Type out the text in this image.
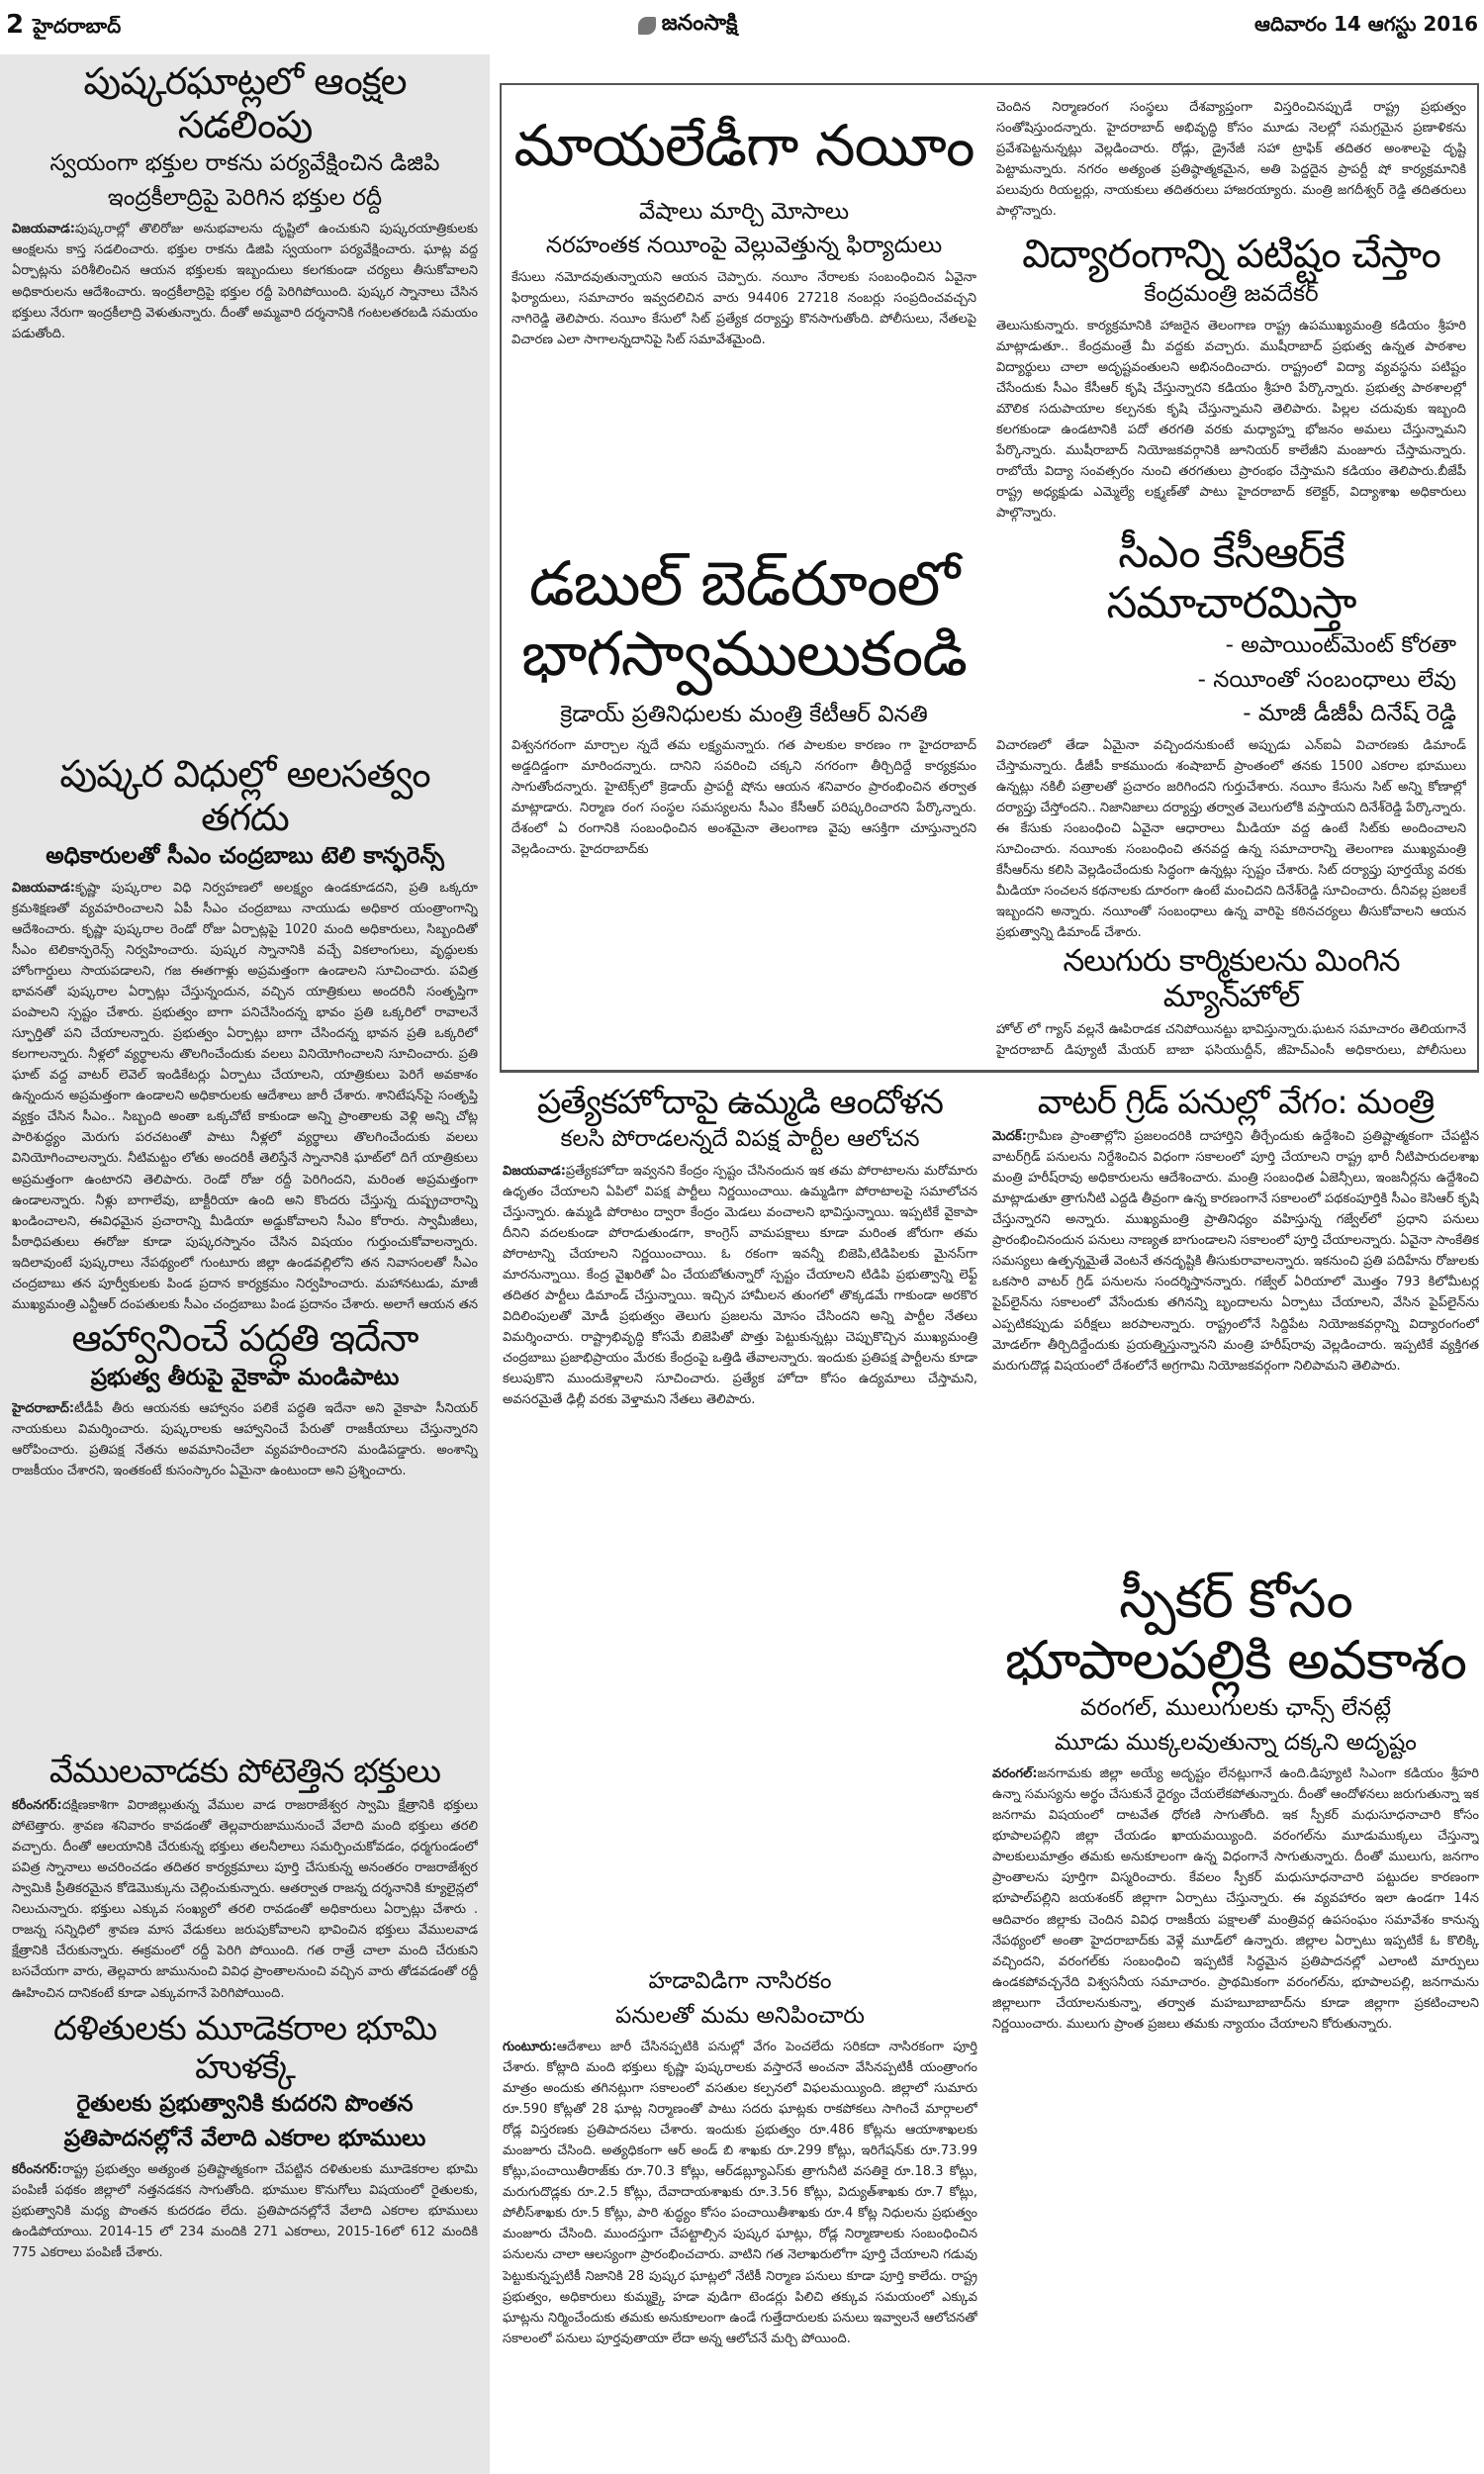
2 హైదరాబాద్	జనంసాక్షి	ఆదివారం 14 ఆగస్టు 2016
పుష్కరఘాట్లలో ఆంక్షల సడలింపు
స్వయంగా భక్తుల రాకను పర్యవేక్షించిన డిజిపి
ఇంద్రకీలాద్రిపై పెరిగిన భక్తుల రద్దీ

విజయవాడ:పుష్కరాల్లో తొలిరోజు అనుభవాలను దృష్టిలో ఉంచుకుని పుష్కరయాత్రికులకు ఆంక్షలను కాస్త సడలించారు. భక్తుల రాకను డిజిపి స్వయంగా పర్యవేక్షించారు. ఘాట్ల వద్ద ఏర్పాట్లను పరిశీలించిన ఆయన భక్తులకు ఇబ్బందులు కలగకుండా చర్యలు తీసుకోవాలని అధికారులను ఆదేశించారు. ఇంద్రకీలాద్రిపై భక్తుల రద్దీ పెరిగిపోయింది. పుష్కర స్నానాలు చేసిన భక్తులు నేరుగా ఇంద్రకీలాద్రి వెళుతున్నారు. దీంతో అమ్మవారి దర్శనానికి గంటలతరబడి సమయం పడుతోంది.

పుష్కర విధుల్లో అలసత్వం తగదు
అధికారులతో సీఎం చంద్రబాబు టెలి కాన్ఫరెన్స్

విజయవాడ:కృష్ణా పుష్కరాల విధి నిర్వహణలో అలక్ష్యం ఉండకూడదని, ప్రతి ఒక్కరూ క్రమశిక్షణతో వ్యవహరించాలని ఏపీ సీఎం చంద్రబాబు నాయుడు అధికార యంత్రాంగాన్ని ఆదేశించారు. కృష్ణా పుష్కరాల రెండో రోజు ఏర్పాట్లపై 1020 మంది అధికారులు, సిబ్బందితో సీఎం టెలికాన్ఫరెన్స్ నిర్వహించారు. పుష్కర స్నానానికి వచ్చే వికలాంగులు, వృద్ధులకు హోంగార్డులు సాయపడాలని, గజ ఈతగాళ్లు అప్రమత్తంగా ఉండాలని సూచించారు. పవిత్ర భావనతో పుష్కరాల ఏర్పాట్లు చేస్తున్నందున, వచ్చిన యాత్రికులు అందరినీ సంతృప్తిగా పంపాలని స్పష్టం చేశారు. ప్రభుత్వం బాగా పనిచేసిందన్న భావం ప్రతి ఒక్కరిలో రావాలనే స్ఫూర్తితో పని చేయాలన్నారు. ప్రభుత్వం ఏర్పాట్లు బాగా చేసిందన్న భావన ప్రతి ఒక్కరిలో కలగాలన్నారు. నీళ్లలో వ్యర్థాలను తొలగించేందుకు వలలు వినియోగించాలని సూచించారు. ప్రతి ఘాట్ వద్ద వాటర్ లెవెల్ ఇండికేటర్లు ఏర్పాటు చేయాలని, యాత్రికులు పెరిగే అవకాశం ఉన్నందున అప్రమత్తంగా ఉండాలని అధికారులకు ఆదేశాలు జారీ చేశారు. శానిటేషన్‌పై సంతృప్తి వ్యక్తం చేసిన సీఎం.. సిబ్బంది అంతా ఒక్కచోటే కాకుండా అన్ని ప్రాంతాలకు వెళ్లి అన్ని చోట్ల పారిశుద్ధ్యం మెరుగు పరచటంతో పాటు నీళ్లలో వ్యర్థాలు తొలగించేందుకు వలలు వినియోగించాలన్నారు. నీటిమట్టం లోతు అందరికీ తెలిస్తేనే స్నానానికి ఘాట్‌లో దిగే యాత్రికులు అప్రమత్తంగా ఉంటారని తెలిపారు. రెండో రోజు రద్దీ పెరిగిందని, మరింత అప్రమత్తంగా ఉండాలన్నారు. నీళ్లు బాగాలేవు, బాక్టీరియా ఉంది అని కొందరు చేస్తున్న దుష్ప్రచారాన్ని ఖండించాలని, ఈవిధమైన ప్రచారాన్ని మీడియా అడ్డుకోవాలని సీఎం కోరారు. స్వామీజీలు, పీఠాధిపతులు ఈరోజు కూడా పుష్కరస్నానం చేసిన విషయం గుర్తుంచుకోవాలన్నారు. ఇదిలావుంటే పుష్కరాలు నేపథ్యంలో గుంటూరు జిల్లా ఉండవల్లిలోని తన నివాసంలతో సీఎం చంద్రబాబు తన పూర్వీకులకు పిండ ప్రదాన కార్యక్రమం నిర్వహించారు. మహానటుడు, మాజీ ముఖ్యమంత్రి ఎన్టీఆర్ దంపతులకు సీఎం చంద్రబాబు పిండ ప్రదానం చేశారు. అలాగే ఆయన తన

ఆహ్వానించే పద్ధతి ఇదేనా
ప్రభుత్వ తీరుపై వైకాపా మండిపాటు

హైదరాబాద్:టీడీపీ తీరు ఆయనకు ఆహ్వానం పలికే పద్ధతి ఇదేనా అని వైకాపా సీనియర్ నాయకులు విమర్శించారు. పుష్కరాలకు ఆహ్వానించే పేరుతో రాజకీయాలు చేస్తున్నారని ఆరోపించారు. ప్రతిపక్ష నేతను అవమానించేలా వ్యవహరించారని మండిపడ్డారు. అంశాన్ని రాజకీయం చేశారని, ఇంతకంటే కుసంస్కారం ఏమైనా ఉంటుందా అని ప్రశ్నించారు.

వేములవాడకు పోటెత్తిన భక్తులు

కరీంనగర్:దక్షిణకాశిగా విరాజిల్లుతున్న వేముల వాడ రాజరాజేశ్వర స్వామి క్షేత్రానికి భక్తులు పోటెత్తారు. శ్రావణ శనివారం కావడంతో తెల్లవారుజామునుంచే వేలాది మంది భక్తులు తరలి వచ్చారు. దీంతో ఆలయానికి చేరుకున్న భక్తులు తలనీలాలు సమర్పించుకోవడం, ధర్మగుండంలో పవిత్ర స్నానాలు అచరించడం తదితర కార్యక్రమాలు పూర్తి చేసుకున్న అనంతరం రాజరాజేశ్వర స్వామికి ప్రీతికరమైన కోడెమొక్కును చెల్లించుకున్నారు. ఆతర్వాత రాజన్న దర్శనానికి క్యూలైన్లలో నిలుచున్నారు. భక్తులు ఎక్కువ సంఖ్యలో తరలి రావడంతో అధికారులు ఏర్పాట్లు చేశారు . రాజన్న సన్నిధిలో శ్రావణ మాస వేడుకలు జరుపుకోవాలని భావించిన భక్తులు వేములవాడ క్షేత్రానికి చేరుకున్నారు. ఈక్రమంలో రద్దీ పెరిగి పోయింది. గత రాత్రే చాలా మంది చేరుకుని బసచేయగా వారు, తెల్లవారు జామునుంచి వివిధ ప్రాంతాలనుంచి వచ్చిన వారు తోడవడంతో రద్దీ ఊహించిన దానికంటే కూడా ఎక్కువగానే పెరిగిపోయింది.

దళితులకు మూడెకరాల భూమి హుళక్కే
రైతులకు ప్రభుత్వానికి కుదరని పొంతన
ప్రతిపాదనల్లోనే వేలాది ఎకరాల భూములు

కరీంనగర్:రాష్ట్ర ప్రభుత్వం అత్యంత ప్రతిష్టాత్మకంగా చేపట్టిన దళితులకు మూడెకరాల భూమి పంపిణీ పథకం జిల్లాలో నత్తనడకన సాగుతోంది. భూముల కొనుగోలు విషయంలో రైతులకు, ప్రభుత్వానికి మధ్య పొంతన కుదరడం లేదు. ప్రతిపాదనల్లోనే వేలాది ఎకరాల భూములు ఉండిపోయాయి. 2014-15 లో 234 మందికి 271 ఎకరాలు, 2015-16లో 612 మందికి 775 ఎకరాలు పంపిణీ చేశారు.

మాయలేడీగా నయీం
వేషాలు మార్చి మోసాలు
నరహంతక నయీంపై వెల్లువెత్తున్న ఫిర్యాదులు

కేసులు నమోదవుతున్నాయని ఆయన చెప్పారు. నయీం నేరాలకు సంబంధించిన ఏవైనా ఫిర్యాదులు, సమాచారం ఇవ్వదలిచిన వారు 94406 27218 నంబర్లు సంప్రదించవచ్చని నాగిరెడ్డి తెలిపారు. నయీం కేసులో సిట్ ప్రత్యేక దర్యాప్తు కొనసాగుతోంది. పోలీసులు, నేతలపై విచారణ ఎలా సాగాలన్నదానిపై సిట్ సమావేశమైంది.

డబుల్ బెడ్‌రూంలో భాగస్వాములుకండి
క్రెడాయ్ ప్రతినిధులకు మంత్రి కేటీఆర్ వినతి

విశ్వనగరంగా మార్చాల న్నదే తమ లక్ష్యమన్నారు. గత పాలకుల కారణం గా హైదరాబాద్ అడ్డదిడ్డంగా మారిందన్నారు. దానిని సవరించి చక్కని నగరంగా తీర్చిదిద్దే కార్యక్రమం సాగుతోందన్నారు. హైటెక్స్‌లో క్రెడాయ్ ప్రాపర్టీ షోను ఆయన శనివారం ప్రారంభించిన తర్వాత మాట్లాడారు. నిర్మాణ రంగ సంస్థల సమస్యలను సీఎం కేసీఆర్ పరిష్కరించారని పేర్కొన్నారు. దేశంలో ఏ రంగానికి సంబంధించిన అంశమైనా తెలంగాణ వైపు ఆసక్తిగా చూస్తున్నారని వెల్లడించారు. హైదరాబాద్‌కు

చెందిన నిర్మాణరంగ సంస్థలు దేశవ్యాప్తంగా విస్తరించినప్పుడే రాష్ట్ర ప్రభుత్వం సంతోషిస్తుందన్నారు. హైదరాబాద్ అభివృద్ధి కోసం మూడు నెలల్లో సమగ్రమైన ప్రణాళికను ప్రవేశపెట్టనున్నట్లు వెల్లడించారు. రోడ్లు, డ్రైనేజీ సహా ట్రాఫిక్ తదితర అంశాలపై దృష్టి పెట్టామన్నారు. నగరం అత్యంత ప్రతిష్ఠాత్మకమైన, అతి పెద్దదైన ప్రాపర్టీ షో కార్యక్రమానికి పలువురు రియల్టర్లు, నాయకులు తదితరులు హాజరయ్యారు. మంత్రి జగదీశ్వర్ రెడ్డి తదితరులు పాల్గొన్నారు.

విద్యారంగాన్ని పటిష్టం చేస్తాం
కేంద్రమంత్రి జవదేకర్

తెలుసుకున్నారు. కార్యక్రమానికి హాజరైన తెలంగాణ రాష్ట్ర ఉపముఖ్యమంత్రి కడియం శ్రీహరి మాట్లాడుతూ.. కేంద్రమంత్రే మీ వద్దకు వచ్చారు. ముషీరాబాద్ ప్రభుత్వ ఉన్నత పాఠశాల విద్యార్థులు చాలా అదృష్టవంతులని అభినందించారు. రాష్ట్రంలో విద్యా వ్యవస్థను పటిష్టం చేసేందుకు సీఎం కేసీఆర్ కృషి చేస్తున్నారని కడియం శ్రీహరి పేర్కొన్నారు. ప్రభుత్వ పాఠశాలల్లో మౌలిక సదుపాయాల కల్పనకు కృషి చేస్తున్నామని తెలిపారు. పిల్లల చదువుకు ఇబ్బంది కలగకుండా ఉండటానికి పదో తరగతి వరకు మధ్యాహ్న భోజనం అమలు చేస్తున్నామని పేర్కొన్నారు. ముషీరాబాద్ నియోజకవర్గానికి జూనియర్ కాలేజీని మంజూరు చేస్తామన్నారు. రాబోయే విద్యా సంవత్సరం నుంచి తరగతులు ప్రారంభం చేస్తామని కడియం తెలిపారు.బీజేపీ రాష్ట్ర అధ్యక్షుడు ఎమ్మెల్యే లక్ష్మణ్‌తో పాటు హైదరాబాద్ కలెక్టర్, విద్యాశాఖ అధికారులు పాల్గొన్నారు.

సీఎం కేసీఆర్‌కే సమాచారమిస్తా
- అపాయింట్‌మెంట్ కోరతా
- నయీంతో సంబంధాలు లేవు
- మాజీ డీజీపీ దినేష్ రెడ్డి

విచారణలో తేడా ఏమైనా వచ్చిందనుకుంటే అప్పుడు ఎన్‌ఐఏ విచారణకు డిమాండ్ చేస్తామన్నారు. డీజీపీ కాకముందు శంషాబాద్ ప్రాంతంలో తనకు 1500 ఎకరాల భూములు ఉన్నట్లు నకిలీ పత్రాలతో ప్రచారం జరిగిందని గుర్తుచేశారు. నయీం కేసును సిట్ అన్ని కోణాల్లో దర్యాప్తు చేస్తోందని.. నిజానిజాలు దర్యాప్తు తర్వాత వెలుగులోకి వస్తాయని దినేశ్‌రెడ్డి పేర్కొన్నారు. ఈ కేసుకు సంబంధించి ఏవైనా ఆధారాలు మీడియా వద్ద ఉంటే సిట్‌కు అందించాలని సూచించారు. నయీంకు సంబంధించి తనవద్ద ఉన్న సమాచారాన్ని తెలంగాణ ముఖ్యమంత్రి కేసీఆర్‌ను కలిసి వెల్లడించేందుకు సిద్ధంగా ఉన్నట్లు స్పష్టం చేశారు. సిట్ దర్యాప్తు పూర్తయ్యే వరకు మీడియా సంచలన కథనాలకు దూరంగా ఉంటే మంచిదని దినేశ్‌రెడ్డి సూచించారు. దీనివల్ల ప్రజలకే ఇబ్బందని అన్నారు. నయీంతో సంబంధాలు ఉన్న వారిపై కఠినచర్యలు తీసుకోవాలని ఆయన ప్రభుత్వాన్ని డిమాండ్ చేశారు.

నలుగురు కార్మికులను మింగిన మ్యాన్‌హోల్

హోల్ లో గ్యాస్ వల్లనే ఊపిరాడక చనిపోయినట్టు భావిస్తున్నారు.ఘటన సమాచారం తెలియగానే హైదరాబాద్ డిప్యూటీ మేయర్ బాబా ఫసియుద్దీన్, జీహెచ్‌ఎంసీ అధికారులు, పోలీసులు

ప్రత్యేకహోదాపై ఉమ్మడి ఆందోళన
కలసి పోరాడలన్నదే విపక్ష పార్టీల ఆలోచన

విజయవాడ:ప్రత్యేకహోదా ఇవ్వనని కేంద్రం స్పష్టం చేసినందున ఇక తమ పోరాటాలను మరోమారు ఉధృతం చేయాలని ఏపిలో విపక్ష పార్టీలు నిర్ణయించాయి. ఉమ్మడిగా పోరాటాలపై సమాలోచన చేస్తున్నారు. ఉమ్మడి పోరాటం ద్వారా కేంద్రం మెడలు వంచాలని భావిస్తున్నాయి. ఇప్పటికే వైకాపా దీనిని వదలకుండా పోరాడుతుండగా, కాంగ్రెస్ వామపక్షాలు కూడా మరింత జోరుగా తమ పోరాటాన్ని చేయాలని నిర్ణయించాయి. ఓ రకంగా ఇవన్నీ బిజెపి,టిడిపిలకు మైనస్‌గా మారనున్నాయి. కేంద్ర వైఖరితో ఏం చేయబోతున్నారో స్పష్టం చేయాలని టిడిపి ప్రభుత్వాన్ని లెఫ్ట్ తదితర పార్టీలు డిమాండ్ చేస్తున్నాయి. ఇచ్చిన హామీలన తుంగలో తొక్కడమే గాకుండా అరకొర విదిలింపులతో మోడీ ప్రభుత్వం తెలుగు ప్రజలను మోసం చేసిందని అన్ని పార్టీల నేతలు విమర్శించారు. రాష్ట్రాభివృద్ధి కోసమే బిజెపితో పొత్తు పెట్టుకున్నట్లు చెప్పుకొచ్చిన ముఖ్యమంత్రి చంద్రబాబు ప్రజాభిప్రాయం మేరకు కేంద్రంపై ఒత్తిడి తేవాలన్నారు. ఇందుకు ప్రతిపక్ష పార్టీలను కూడా కలుపుకొని ముందుకెళ్లాలని సూచించారు. ప్రత్యేక హోదా కోసం ఉద్యమాలు చేస్తామని, అవసరమైతే ఢిల్లీ వరకు వెళ్తామని నేతలు తెలిపారు.

హడావిడిగా నాసిరకం
పనులతో మమ అనిపించారు

గుంటూరు:ఆదేశాలు జారీ చేసినప్పటికి పనుల్లో వేగం పెంచలేదు సరికదా నాసిరకంగా పూర్తి చేశారు. కోట్లాది మంది భక్తులు కృష్ణా పుష్కరాలకు వస్తారనే అంచనా వేసినప్పటికీ యంత్రాంగం మాత్రం అందుకు తగినట్లుగా సకాలంలో వసతుల కల్పనలో విఫలమయ్యింది. జిల్లాలో సుమారు రూ.590 కోట్లతో 28 ఘాట్ల నిర్మాణంతో పాటు సదరు ఘాట్లకు రాకపోకలు సాగించే మార్గాలలో రోడ్ల విస్తరణకు ప్రతిపాదనలు చేశారు. ఇందుకు ప్రభుత్వం రూ.486 కోట్లను ఆయాశాఖలకు మంజూరు చేసింది. అత్యధికంగా ఆర్ అండ్ బి శాఖకు రూ.299 కోట్లు, ఇరిగేషన్‌కు రూ.73.99 కోట్లు,పంచాయితీరాజ్‌కు రూ.70.3 కోట్లు, ఆర్‌డబ్ల్యూఎస్‌కు త్రాగునీటి వసతికై రూ.18.3 కోట్లు, మరుగుదొడ్లకు రూ.2.5 కోట్లు, దేవాదాయశాఖకు రూ.3.56 కోట్లు, విద్యుత్‌శాఖకు రూ.7 కోట్లు, పోలీస్‌శాఖకు రూ.5 కోట్లు, పారి శుద్ధ్యం కోసం పంచాయితీశాఖకు రూ.4 కోట్ల నిధులను ప్రభుత్వం మంజూరు చేసింది. ముందస్తుగా చేపట్టాల్సిన పుష్కర ఘాట్లు, రోడ్ల నిర్మాణాలకు సంబంధించిన పనులను చాలా ఆలస్యంగా ప్రారంభించచారు. వాటిని గత నెలాఖరులోగా పూర్తి చేయాలని గడువు పెట్టుకున్నప్పటికీ నిజానికి 28 పుష్కర ఘాట్లలో నేటికీ నిర్మాణ పనులు కూడా పూర్తి కాలేదు. రాష్ట్ర ప్రభుత్వం, అధికారులు కుమ్మక్కై హడా వుడిగా టెండర్లు పిలిచి తక్కువ సమయంలో ఎక్కువ ఘాట్లను నిర్మించేందుకు తమకు అనుకూలంగా ఉండే గుత్తేదారులకు పనులు ఇవ్వాలనే ఆలోచనతో సకాలంలో పనులు పూర్తవుతాయా లేదా అన్న ఆలోచనే మర్చి పోయింది.

వాటర్ గ్రిడ్ పనుల్లో వేగం: మంత్రి

మెదక్:గ్రామీణ ప్రాంతాల్లోని ప్రజలందరికి దాహార్తిని తీర్చేందుకు ఉద్దేశించి ప్రతిష్టాత్మకంగా చేపట్టిన వాటర్‌గ్రిడ్ పనులను నిర్దేశించిన విధంగా సకాలంలో పూర్తి చేయాలని రాష్ట్ర భారీ నీటిపారుదలశాఖ మంత్రి హరీష్‌రావు అధికారులను ఆదేశించారు. మంత్రి సంబంధిత ఏజెన్సీలు, ఇంజనీర్లను ఉద్దేశించి మాట్లాడుతూ త్రాగునీటి ఎద్దడి తీవ్రంగా ఉన్న కారణంగానే సకాలంలో పథకంపూర్తికి సీఎం కెసిఆర్ కృషి చేస్తున్నారని అన్నారు. ముఖ్యమంత్రి ప్రాతినిధ్యం వహిస్తున్న గజ్వేల్‌లో ప్రధాని పనులు ప్రారంభించినందున పనులు నాణ్యత బాగుండాలని సకాలంలో పూర్తి చేయాలన్నారు. ఏవైనా సాంకేతిక సమస్యలు ఉత్పన్నమైతే వెంటనే తనదృష్టికి తీసుకురావాలన్నారు. ఇకనుంచి ప్రతి పదిహేను రోజులకు ఒకసారి వాటర్ గ్రిడ్ పనులను సందర్శిస్తానన్నారు. గజ్వేల్ ఏరియాలో మొత్తం 793 కిలోమీటర్ల పైప్‌లైన్‌ను సకాలంలో వేసేందుకు తగినన్ని బృందాలను ఏర్పాటు చేయాలని, వేసిన పైప్‌లైన్‌ను ఎప్పటికప్పుడు పరీక్షలు జరపాలన్నారు. రాష్ట్రంలోనే సిద్దిపేట నియోజకవర్గాన్ని విద్యారంగంలో మోడల్‌గా తీర్చిదిద్దేందుకు ప్రయత్నిస్తున్నానని మంత్రి హరీష్‌రావు వెల్లడించారు. ఇప్పటికే వ్యక్తిగత మరుగుదొడ్ల విషయంలో దేశంలోనే అగ్రగామి నియోజకవర్గంగా నిలిపామని తెలిపారు.

స్పీకర్ కోసం భూపాలపల్లికి అవకాశం
వరంగల్, ములుగులకు ఛాన్స్ లేనట్లే
మూడు ముక్కలవుతున్నా దక్కని అదృష్టం

వరంగల్:జనగామకు జిల్లా అయ్యే అదృష్టం లేనట్లుగానే ఉంది.డిప్యూటి సిఎంగా కడియం శ్రీహరి ఉన్నా సమస్యను అర్థం చేసుకునే ధైర్యం చేయలేకపోతున్నారు. దీంతో ఆందోళనలు జరుగుతున్నా ఇక జనగామ విషయంలో దాటవేత ధోరణి సాగుతోంది. ఇక స్పీకర్ మధుసూధనాచారి కోసం భూపాలపల్లిని జిల్లా చేయడం ఖాయమయ్యింది. వరంగల్‌ను మూడుముక్కలు చేస్తున్నా పాలకులుమాత్రం తమకు అనుకూలంగా ఉన్న విధంగానే సాగుతున్నారు. దీంతో ములుగు, జనగాం ప్రాంతాలను పూర్తిగా విస్మరించారు. కేవలం స్పీకర్ మధుసూధనాచారి పట్టుదల కారణంగా భూపాల్‌పల్లిని జయశంకర్ జిల్లాగా ఏర్పాటు చేస్తున్నారు. ఈ వ్యవహారం ఇలా ఉండగా 14న ఆదివారం జిల్లాకు చెందిన వివిధ రాజకీయ పక్షాలతో మంత్రివర్గ ఉపసంఘం సమావేశం కానున్న నేపథ్యంలో అంతా హైదరాబాద్‌కు వెళ్లే మూడ్‌లో ఉన్నారు. జిల్లాల ఏర్పాటు ఇప్పటికే ఓ కొలిక్కి వచ్చిందని, వరంగల్‌కు సంబంధించి ఇప్పటికే సిద్ధమైన ప్రతిపాదనల్లో ఎలాంటి మార్పులు ఉండకపోవచ్చనేది విశ్వసనీయ సమాచారం. ప్రాథమికంగా వరంగల్‌ను, భూపాలపల్లి, జనగామను జిల్లాలుగా చేయాలనుకున్నా, తర్వాత మహబూబాబాద్‌ను కూడా జిల్లాగా ప్రకటించాలని నిర్ణయించారు. ములుగు ప్రాంత ప్రజలు తమకు న్యాయం చేయాలని కోరుతున్నారు.
